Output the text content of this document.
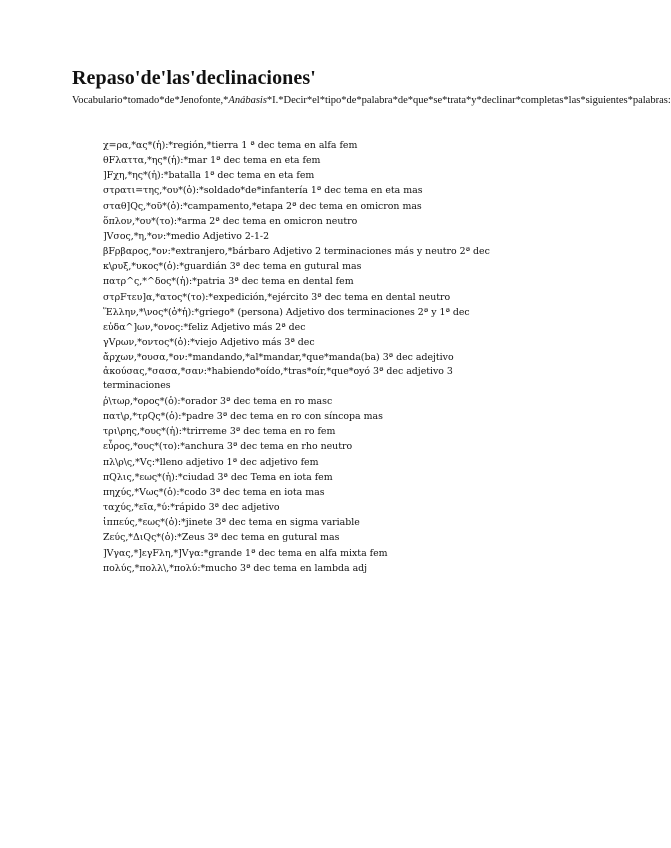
Repaso'de'las'declinaciones'

Vocabulario*tomado*de*Jenofonte,*Anábasis*I.*Decir*el*tipo*de*palabra*de*que*se*trata*y*declinar*completas*las*siguientes*palabras:

χ=ρα,*ας*(ἡ):*región,*tierra 1 ª dec tema en alfa fem
θFλαττα,*ης*(ἡ):*mar 1ª dec tema en eta fem
]Fχη,*ης*(ἡ):*batalla 1ª dec tema en eta fem
στρατι=της,*ου*(ὁ):*soldado*de*infantería 1ª dec tema en eta mas
σταθ]Qς,*οῦ*(ὁ):*campamento,*etapa 2ª dec tema en omicron mas
ὅπλον,*ου*(το):*arma 2ª dec tema en omicron neutro
]Vσος,*η,*ον:*medio Adjetivo 2-1-2
βFρβαρος,*ον:*extranjero,*bárbaro Adjetivo 2 terminaciones más y neutro 2ª dec
κ\ρυξ,*υκος*(ὁ):*guardián 3ª dec tema en gutural mas
πατρ^ς,*^δος*(ἡ):*patria 3ª dec tema en dental fem
στρFτευ]α,*ατος*(το):*expedición,*ejército 3ª dec tema en dental neutro
Ἕλλην,*\νος*(ὁ*ἡ):*griego* (persona) Adjetivo dos terminaciones 2ª y 1ª dec
εὐδα^]ων,*ονος:*feliz Adjetivo más 2ª dec
γVρων,*οντος*(ὁ):*viejo Adjetivo más 3ª dec
ἄρχων,*ουσα,*ον:*mandando,*al*mandar,*que*manda(ba) 3ª dec adejtivo
ἀκούσας,*σασα,*σαν:*habiendo*oído,*tras*oír,*que*oyó 3ª dec adjetivo 3 terminaciones
ῥ\τωρ,*ορος*(ὁ):*orador 3ª dec tema en ro masc
πατ\ρ,*τρQς*(ὁ):*padre 3ª dec tema en ro con síncopa mas
τρι\ρης,*ους*(ἡ):*trirreme 3ª dec tema en ro fem
εὖρος,*ους*(το):*anchura 3ª dec tema en rho neutro
πλ\ρ\ς,*Vς:*lleno adjetivo 1ª dec adjetivo fem
πQλις,*εως*(ἡ):*ciudad 3ª dec Tema en iota fem
πηχύς,*Vως*(ὁ):*codo 3ª dec tema en iota mas
ταχύς,*εῖα,*ύ:*rápido 3ª dec adjetivo
ἱππεύς,*εως*(ὁ):*jinete 3ª dec tema en sigma variable
Ζεύς,*ΔιQς*(ὁ):*Zeus 3ª dec tema en gutural mas
]Vγας,*]εγFλη,*]Vγα:*grande 1ª dec tema en alfa mixta fem
πολύς,*πολλ\,*πολύ:*mucho 3ª dec tema en lambda adj
